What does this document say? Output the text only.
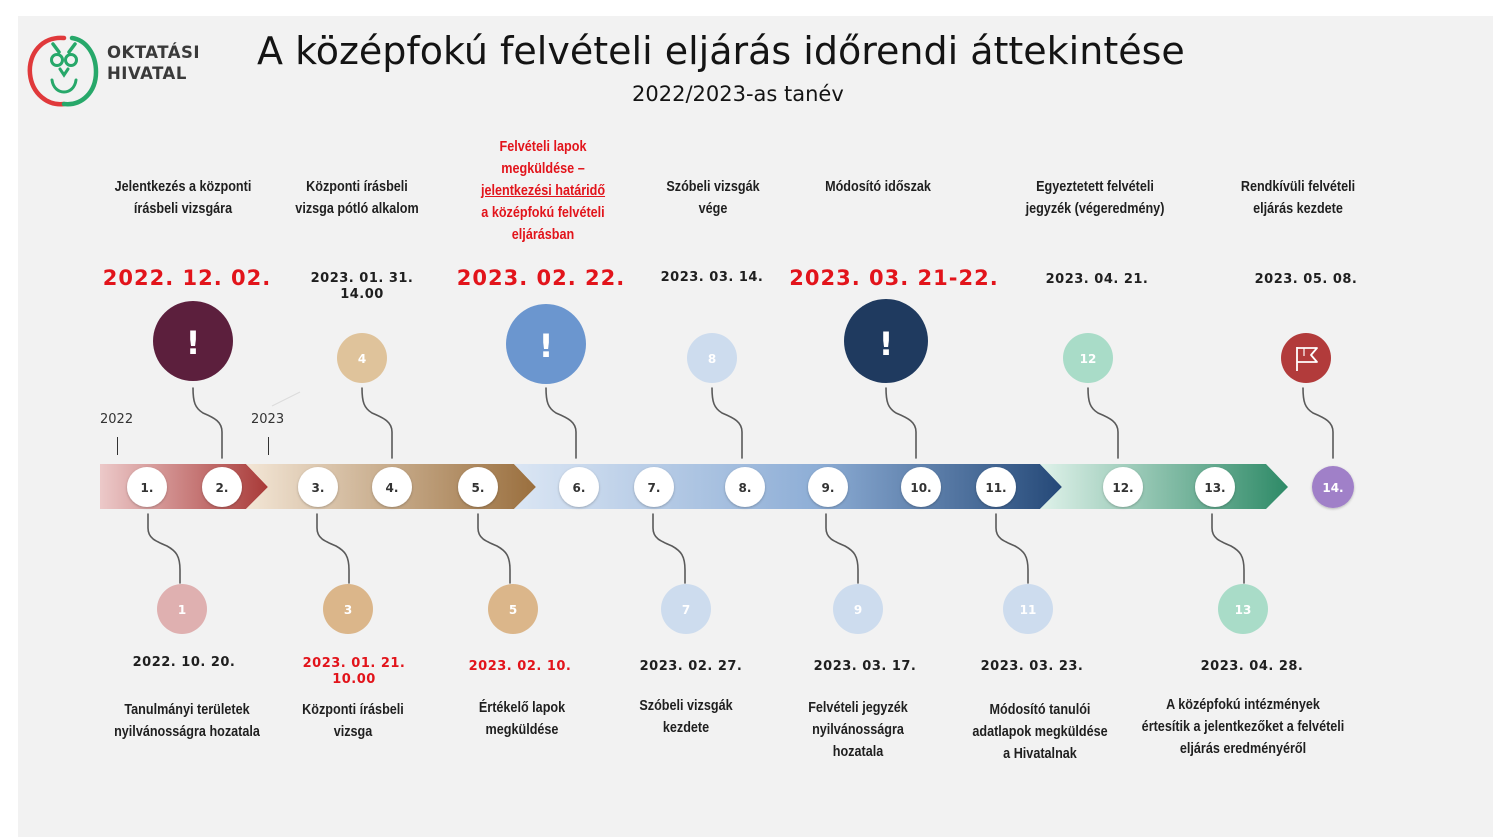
OKTATÁSI
HIVATAL
A középfokú felvételi eljárás időrendi áttekintése
2022/2023-as tanév
2022	2023
!	4	!	8	!	12
1	3	5	7	9	11	13
1.	2.	3.	4.	5.	6.	7.	8.	9.	10.	11.	12.	13.	14.
Jelentkezés a központi
írásbeli vizsgára
Központi írásbeli
vizsga pótló alkalom
Felvételi lapok
megküldése –
jelentkezési határidő
a középfokú felvételi
eljárásban
Szóbeli vizsgák
vége
Módosító időszak	Egyeztetett felvételi
jegyzék (végeredmény)
Rendkívüli felvételi
eljárás kezdete
2022. 12. 02.	2023. 01. 31.
14.00
2023. 02. 22.	2023. 03. 14.	2023. 03. 21-22.	2023. 04. 21.	2023. 05. 08.
2022. 10. 20.	2023. 01. 21.
10.00
2023. 02. 10.	2023. 02. 27.	2023. 03. 17.	2023. 03. 23.	2023. 04. 28.
Tanulmányi területek
nyilvánosságra hozatala
Központi írásbeli
vizsga
Értékelő lapok
megküldése
Szóbeli vizsgák
kezdete
Felvételi jegyzék
nyilvánosságra
hozatala
Módosító tanulói
adatlapok megküldése
a Hivatalnak
A középfokú intézmények
értesítik a jelentkezőket a felvételi
eljárás eredményéről
